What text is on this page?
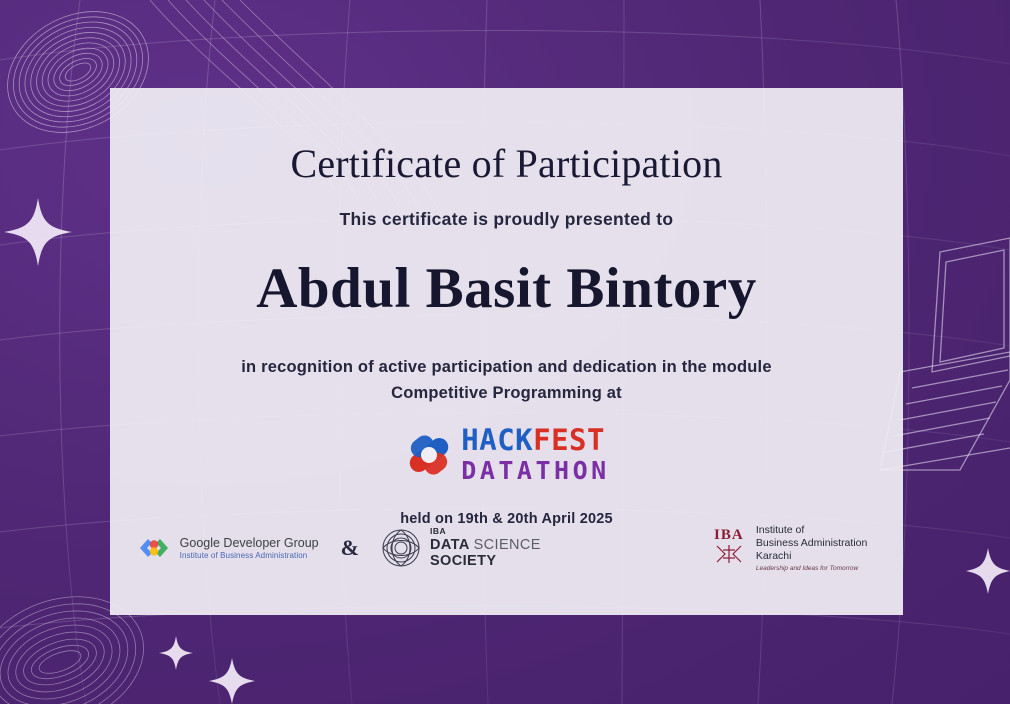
Certificate of Participation
This certificate is proudly presented to
Abdul Basit Bintory
in recognition of active participation and dedication in the module
Competitive Programming at
HACKFEST
DATATHON
held on 19th & 20th April 2025
Google Developer Group
Institute of Business Administration	&
IBA
DATA SCIENCE
SOCIETY
IBA	Institute of
Business Administration
Karachi
Leadership and Ideas for Tomorrow
